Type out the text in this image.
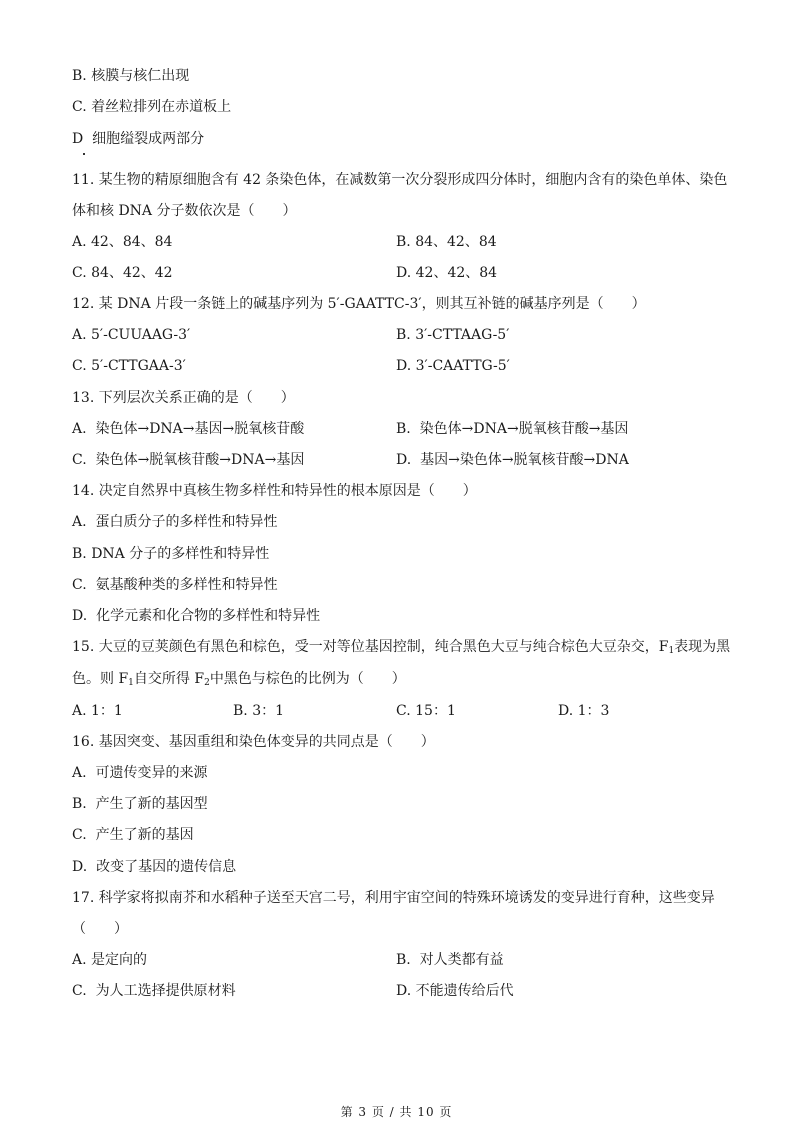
B. 核膜与核仁出现
C. 着丝粒排列在赤道板上
D 细胞缢裂成两部分
11. 某生物的精原细胞含有 42 条染色体，在减数第一次分裂形成四分体时，细胞内含有的染色单体、染色
体和核 DNA 分子数依次是（　　）
A. 42、84、84	B. 84、42、84
C. 84、42、42	D. 42、42、84
12. 某 DNA 片段一条链上的碱基序列为 5′-GAATTC-3′，则其互补链的碱基序列是（　　）
A. 5′-CUUAAG-3′	B. 3′-CTTAAG-5′
C. 5′-CTTGAA-3′	D. 3′-CAATTG-5′
13. 下列层次关系正确的是（　　）
A. 染色体→DNA→基因→脱氧核苷酸	B. 染色体→DNA→脱氧核苷酸→基因
C. 染色体→脱氧核苷酸→DNA→基因	D. 基因→染色体→脱氧核苷酸→DNA
14. 决定自然界中真核生物多样性和特异性的根本原因是（　　）
A. 蛋白质分子的多样性和特异性
B. DNA 分子的多样性和特异性
C. 氨基酸种类的多样性和特异性
D. 化学元素和化合物的多样性和特异性
15. 大豆的豆荚颜色有黑色和棕色，受一对等位基因控制，纯合黑色大豆与纯合棕色大豆杂交，$F_1$表现为黑
色。则 $F_1$自交所得 $F_2$中黑色与棕色的比例为（　　）
A. 1：1	B. 3：1	C. 15：1	D. 1：3
16. 基因突变、基因重组和染色体变异的共同点是（　　）
A. 可遗传变异的来源
B. 产生了新的基因型
C. 产生了新的基因
D. 改变了基因的遗传信息
17. 科学家将拟南芥和水稻种子送至天宫二号，利用宇宙空间的特殊环境诱发的变异进行育种，这些变异
（　　）
A. 是定向的	B. 对人类都有益
C. 为人工选择提供原材料	D. 不能遗传给后代
第 3 页 / 共 10 页
